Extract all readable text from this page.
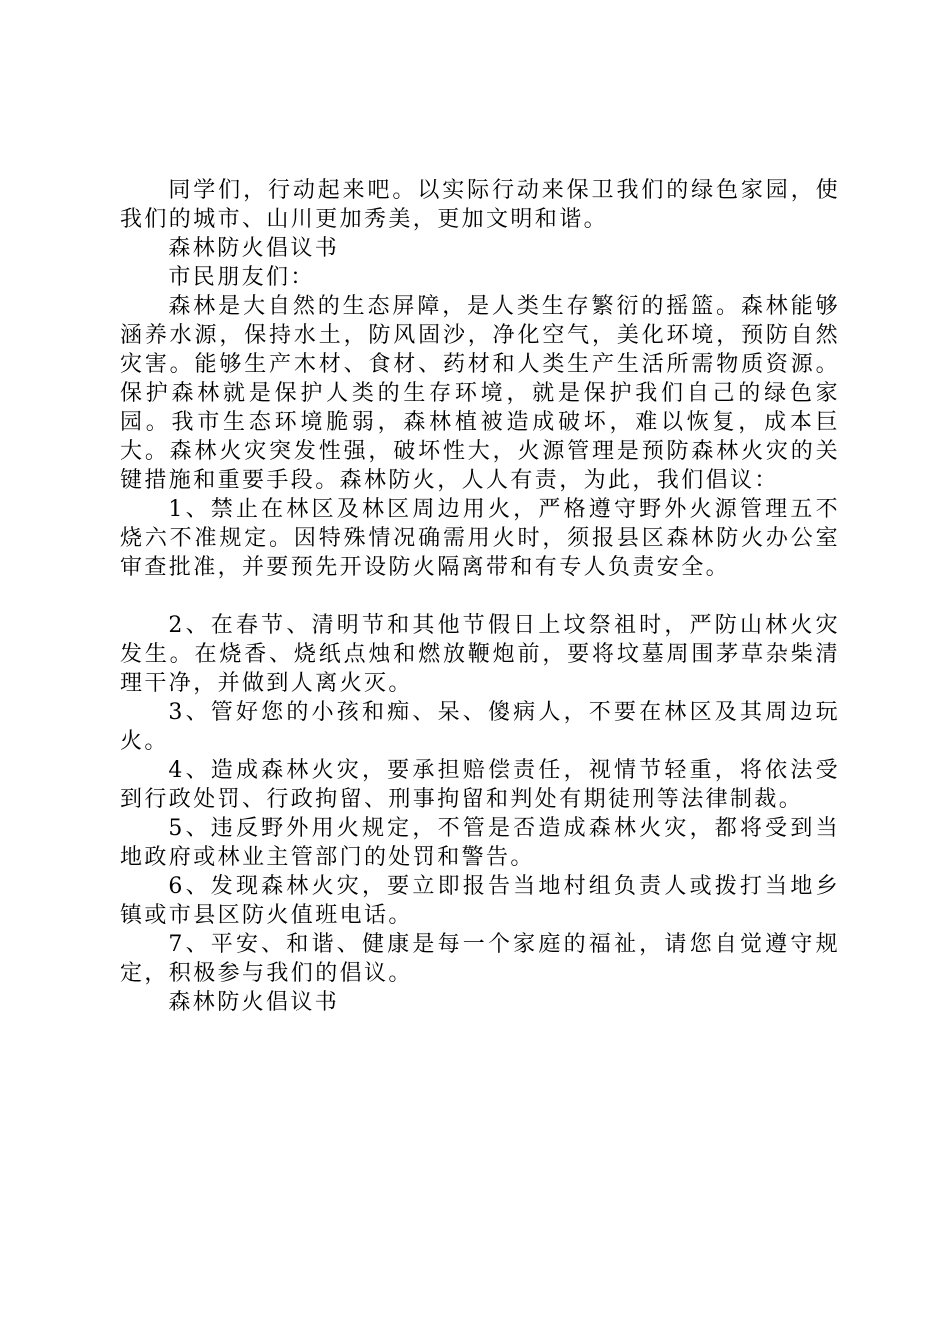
同学们，行动起来吧。以实际行动来保卫我们的绿色家园，使我们的城市、山川更加秀美，更加文明和谐。

森林防火倡议书

市民朋友们：

森林是大自然的生态屏障，是人类生存繁衍的摇篮。森林能够涵养水源，保持水土，防风固沙，净化空气，美化环境，预防自然灾害。能够生产木材、食材、药材和人类生产生活所需物质资源。保护森林就是保护人类的生存环境，就是保护我们自己的绿色家园。我市生态环境脆弱，森林植被造成破坏，难以恢复，成本巨大。森林火灾突发性强，破坏性大，火源管理是预防森林火灾的关键措施和重要手段。森林防火，人人有责，为此，我们倡议：

1、禁止在林区及林区周边用火，严格遵守野外火源管理五不烧六不准规定。因特殊情况确需用火时，须报县区森林防火办公室审查批准，并要预先开设防火隔离带和有专人负责安全。

2、在春节、清明节和其他节假日上坟祭祖时，严防山林火灾发生。在烧香、烧纸点烛和燃放鞭炮前，要将坟墓周围茅草杂柴清理干净，并做到人离火灭。

3、管好您的小孩和痴、呆、傻病人，不要在林区及其周边玩火。

4、造成森林火灾，要承担赔偿责任，视情节轻重，将依法受到行政处罚、行政拘留、刑事拘留和判处有期徒刑等法律制裁。

5、违反野外用火规定，不管是否造成森林火灾，都将受到当地政府或林业主管部门的处罚和警告。

6、发现森林火灾，要立即报告当地村组负责人或拨打当地乡镇或市县区防火值班电话。

7、平安、和谐、健康是每一个家庭的福祉，请您自觉遵守规定，积极参与我们的倡议。

森林防火倡议书
